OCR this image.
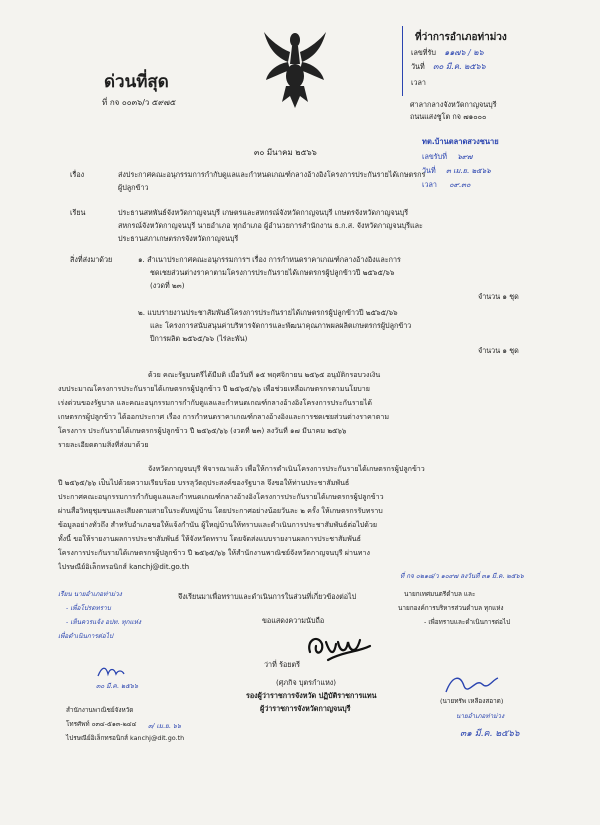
ที่ว่าการอำเภอท่าม่วง
เลขที่รับ ๑๑๗๖ / ๒๖
วันที่ ๓๐ มี.ค. ๒๕๖๖
เวลา
ด่วนที่สุด
ที่ กจ ๐๐๓๖/ว ๕๙๗๕	ศาลากลางจังหวัดกาญจนบุรี
ถนนแสงชูโต กจ ๗๑๐๐๐
ทต.บ้านตลาดสวงชนาย
เลขรับที่ ๖๙๗
วันที่ ๓ เม.ย. ๒๕๖๖
เวลา ๐๙.๓๐
๓๐ มีนาคม ๒๕๖๖
เรื่อง	ส่งประกาศคณะอนุกรรมการกำกับดูแลและกำหนดเกณฑ์กลางอ้างอิงโครงการประกันรายได้เกษตรกร
ผู้ปลูกข้าว
เรียน	ประธานสหพันธ์จังหวัดกาญจนบุรี เกษตรและสหกรณ์จังหวัดกาญจนบุรี เกษตรจังหวัดกาญจนบุรี
สหกรณ์จังหวัดกาญจนบุรี นายอำเภอ ทุกอำเภอ ผู้อำนวยการสำนักงาน ธ.ก.ส. จังหวัดกาญจนบุรีและ
ประธานสภาเกษตรกรจังหวัดกาญจนบุรี
สิ่งที่ส่งมาด้วย	๑. สำเนาประกาศคณะอนุกรรมการฯ เรื่อง การกำหนดราคาเกณฑ์กลางอ้างอิงและการ
ชดเชยส่วนต่างราคาตามโครงการประกันรายได้เกษตรกรผู้ปลูกข้าวปี ๒๕๖๕/๖๖
(งวดที่ ๒๓)
จำนวน ๑ ชุด
๒. แบบรายงานประชาสัมพันธ์โครงการประกันรายได้เกษตรกรผู้ปลูกข้าวปี ๒๕๖๕/๖๖
และ โครงการสนับสนุนค่าบริหารจัดการและพัฒนาคุณภาพผลผลิตเกษตรกรผู้ปลูกข้าว
ปีการผลิต ๒๕๖๕/๖๖ (ไร่ละพัน)
จำนวน ๑ ชุด
ด้วย คณะรัฐมนตรีได้มีมติ เมื่อวันที่ ๑๕ พฤศจิกายน ๒๕๖๕ อนุมัติกรอบวงเงิน
งบประมาณโครงการประกันรายได้เกษตรกรผู้ปลูกข้าว ปี ๒๕๖๕/๖๖ เพื่อช่วยเหลือเกษตรกรตามนโยบาย
เร่งด่วนของรัฐบาล และคณะอนุกรรมการกำกับดูแลและกำหนดเกณฑ์กลางอ้างอิงโครงการประกันรายได้
เกษตรกรผู้ปลูกข้าว ได้ออกประกาศ เรื่อง การกำหนดราคาเกณฑ์กลางอ้างอิงและการชดเชยส่วนต่างราคาตาม
โครงการ ประกันรายได้เกษตรกรผู้ปลูกข้าว ปี ๒๕๖๕/๖๖ (งวดที่ ๒๓) ลงวันที่ ๑๗ มีนาคม ๒๕๖๖
รายละเอียดตามสิ่งที่ส่งมาด้วย
จังหวัดกาญจนบุรี พิจารณาแล้ว เพื่อให้การดำเนินโครงการประกันรายได้เกษตรกรผู้ปลูกข้าว
ปี ๒๕๖๕/๖๖ เป็นไปด้วยความเรียบร้อย บรรลุวัตถุประสงค์ของรัฐบาล จึงขอให้ท่านประชาสัมพันธ์
ประกาศคณะอนุกรรมการกำกับดูแลและกำหนดเกณฑ์กลางอ้างอิงโครงการประกันรายได้เกษตรกรผู้ปลูกข้าว
ผ่านสื่อวิทยุชุมชนและเสียงตามสายในระดับหมู่บ้าน โดยประกาศอย่างน้อยวันละ ๒ ครั้ง ให้เกษตรกรรับทราบ
ข้อมูลอย่างทั่วถึง สำหรับอำเภอขอให้แจ้งกำนัน ผู้ใหญ่บ้านให้ทราบและดำเนินการประชาสัมพันธ์ต่อไปด้วย
ทั้งนี้ ขอให้รายงานผลการประชาสัมพันธ์ ให้จังหวัดทราบ โดยจัดส่งแบบรายงานผลการประชาสัมพันธ์
โครงการประกันรายได้เกษตรกรผู้ปลูกข้าว ปี ๒๕๖๕/๖๖ ให้สำนักงานพาณิชย์จังหวัดกาญจนบุรี ผ่านทาง
ไปรษณีย์อิเล็กทรอนิกส์ kanchj@dit.go.th
ที่ กจ ๐๒๑๘/ว ๑๐๙๗ ลงวันที่ ๓๑ มี.ค. ๒๕๖๖
จึงเรียนมาเพื่อทราบและดำเนินการในส่วนที่เกี่ยวข้องต่อไป
เรียน นายอำเภอท่าม่วง
- เพื่อโปรดทราบ
- เห็นควรแจ้ง อปท. ทุกแห่ง
เพื่อดำเนินการต่อไป
นายกเทศมนตรีตำบล และ
นายกองค์การบริหารส่วนตำบล ทุกแห่ง
- เพื่อทราบและดำเนินการต่อไป
ขอแสดงความนับถือ
ว่าที่ ร้อยตรี
(ศุภกิจ บุตรกำแหง)
รองผู้ว่าราชการจังหวัด ปฏิบัติราชการแทน
ผู้ว่าราชการจังหวัดกาญจนบุรี
๓๐ มี.ค. ๒๕๖๖
๓/ เม.ย. ๖๖
(นายทรัพ เหลืองสอาด)
นายอำเภอท่าม่วง
๓๑ มี.ค. ๒๕๖๖
สำนักงานพาณิชย์จังหวัด
โทรศัพท์ ๐๓๔-๕๑๓-๒๔๔
ไปรษณีย์อิเล็กทรอนิกส์ kanchj@dit.go.th
